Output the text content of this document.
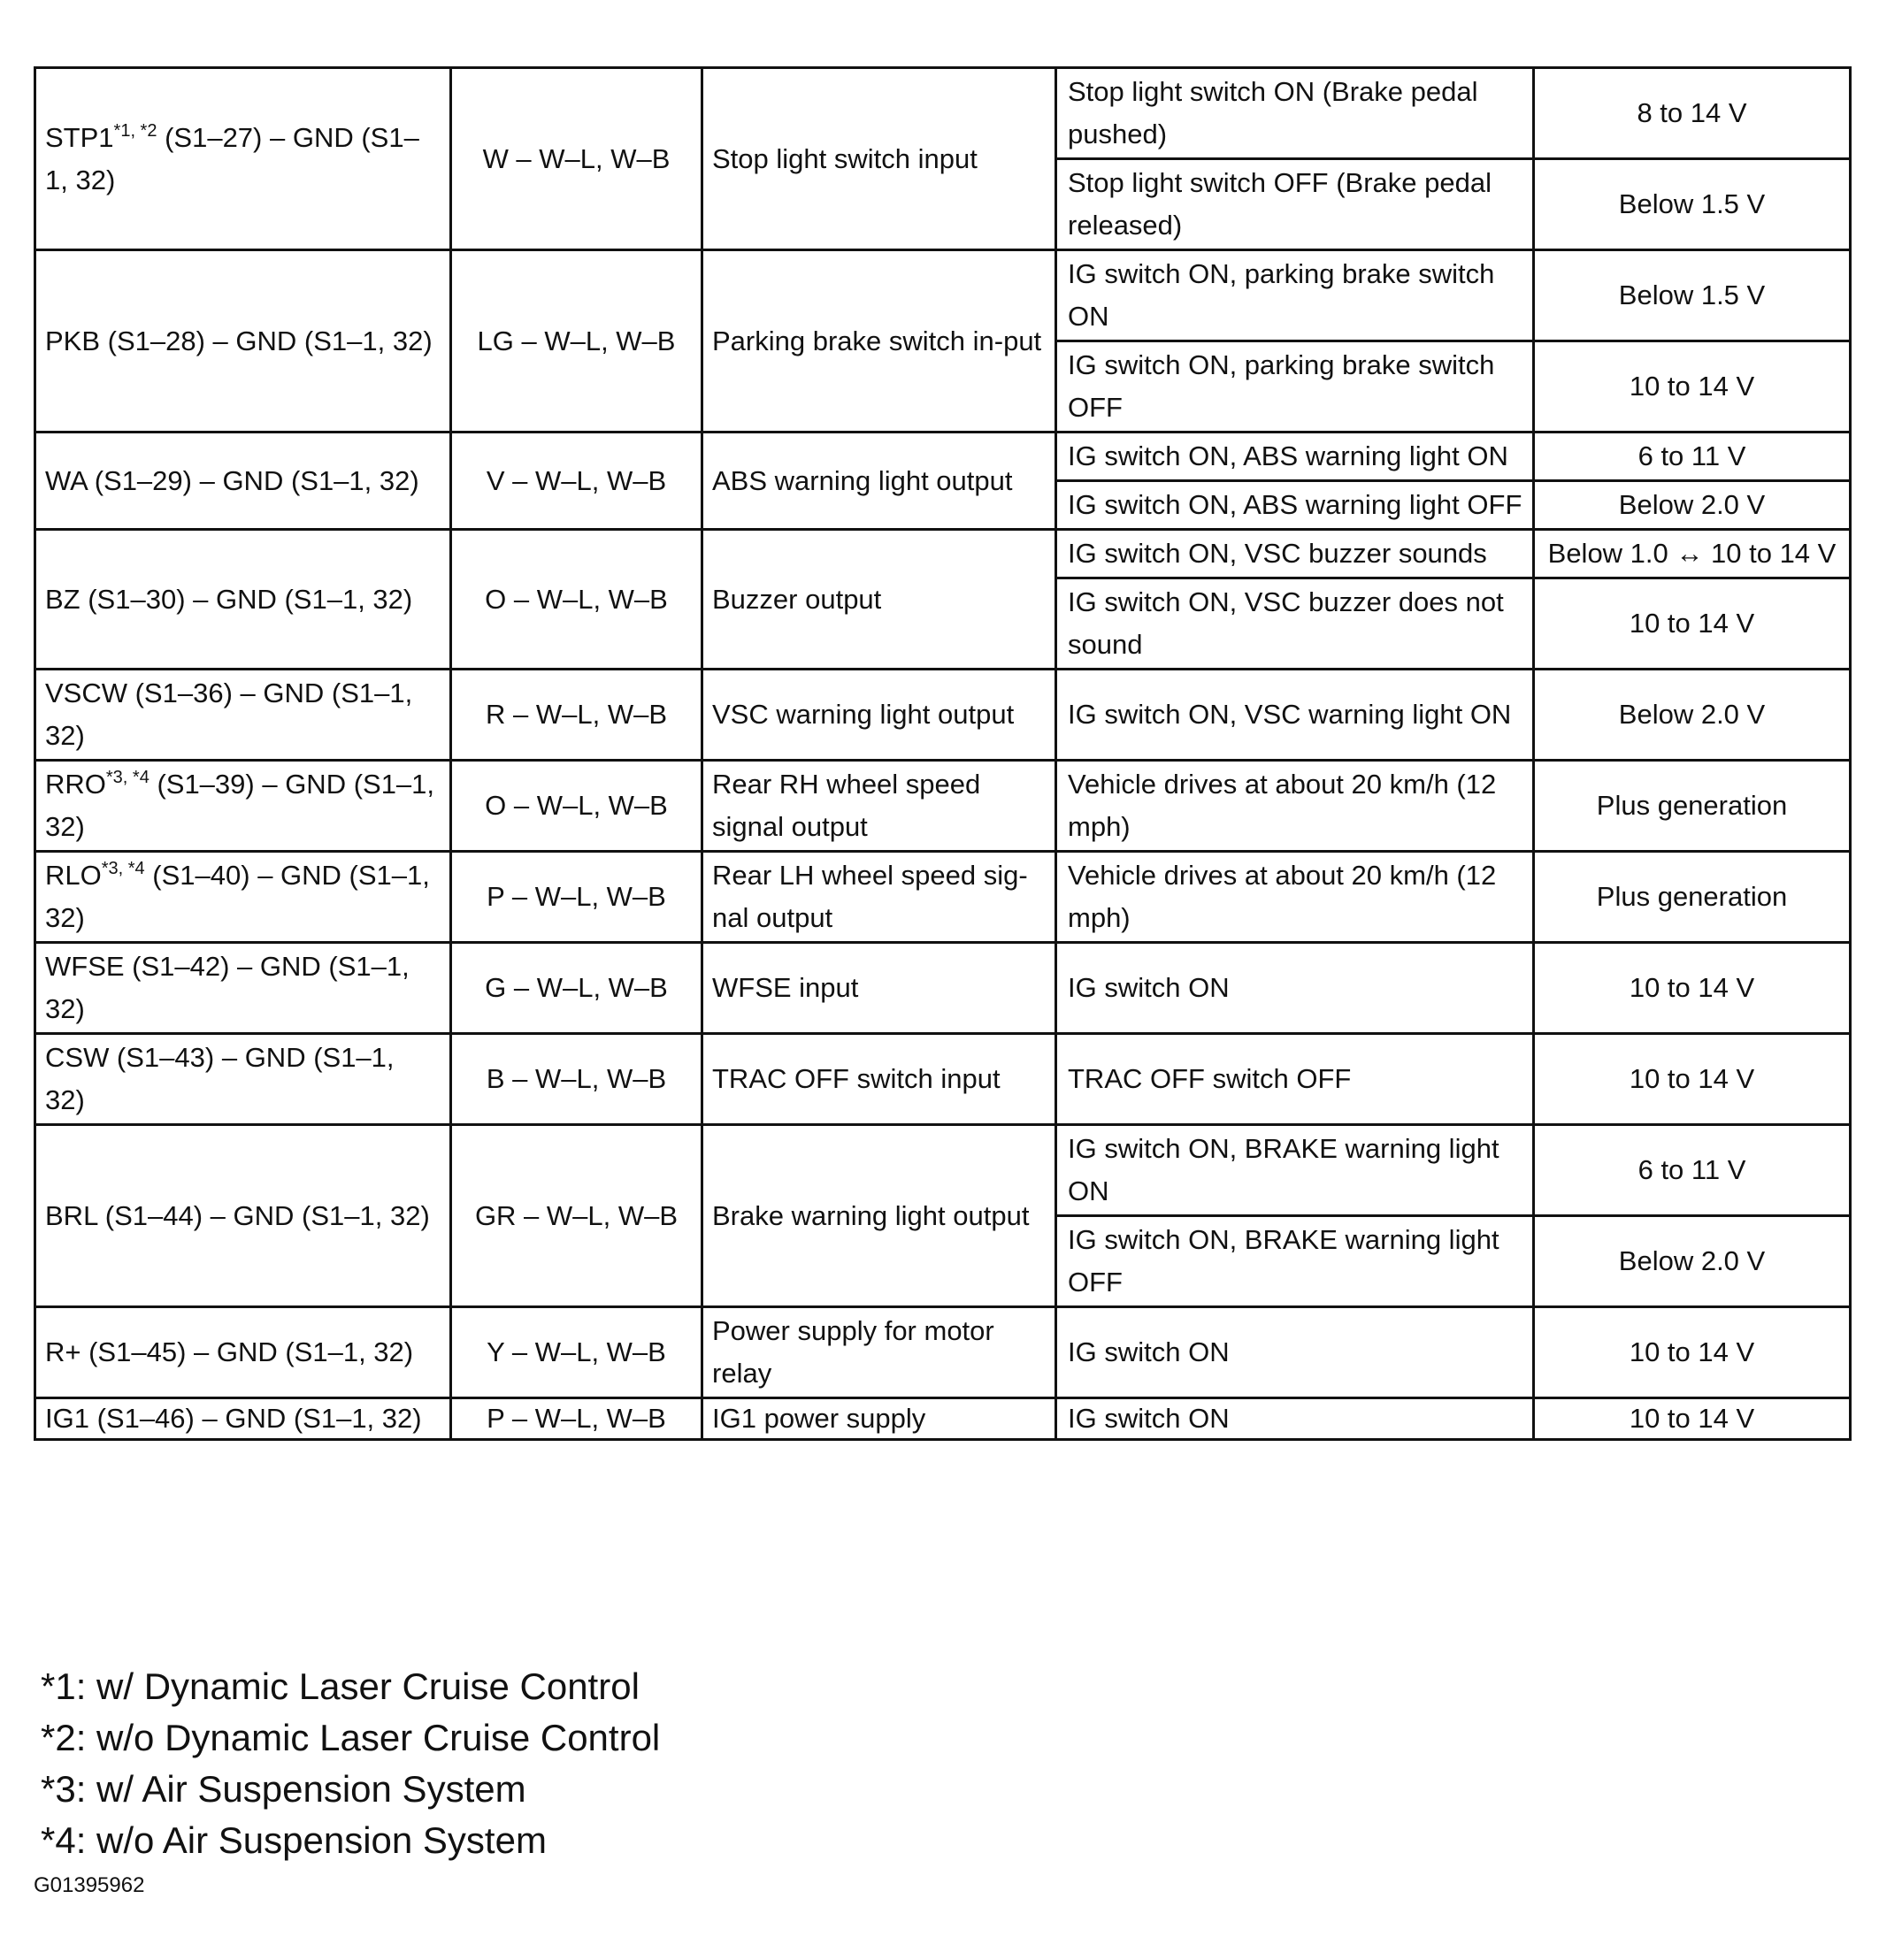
$STP1^{*1, *2}$ (S1–27) – GND (S1–1, 32)	W – W–L, W–B	Stop light switch input	Stop light switch ON (Brake pedal pushed)	8 to 14 V
			Stop light switch OFF (Brake pedal released)	Below 1.5 V
PKB (S1–28) – GND (S1–1, 32)	LG – W–L, W–B	Parking brake switch in-put	IG switch ON, parking brake switch ON	Below 1.5 V
			IG switch ON, parking brake switch OFF	10 to 14 V
WA (S1–29) – GND (S1–1, 32)	V – W–L, W–B	ABS warning light output	IG switch ON, ABS warning light ON	6 to 11 V
			IG switch ON, ABS warning light OFF	Below 2.0 V
BZ (S1–30) – GND (S1–1, 32)	O – W–L, W–B	Buzzer output	IG switch ON, VSC buzzer sounds	Below 1.0 ↔ 10 to 14 V
			IG switch ON, VSC buzzer does not sound	10 to 14 V
VSCW (S1–36) – GND (S1–1, 32)	R – W–L, W–B	VSC warning light output	IG switch ON, VSC warning light ON	Below 2.0 V
$RRO^{*3, *4}$ (S1–39) – GND (S1–1, 32)	O – W–L, W–B	Rear RH wheel speed signal output	Vehicle drives at about 20 km/h (12 mph)	Plus generation
$RLO^{*3, *4}$ (S1–40) – GND (S1–1, 32)	P – W–L, W–B	Rear LH wheel speed sig-nal output	Vehicle drives at about 20 km/h (12 mph)	Plus generation
WFSE (S1–42) – GND (S1–1, 32)	G – W–L, W–B	WFSE input	IG switch ON	10 to 14 V
CSW (S1–43) – GND (S1–1, 32)	B – W–L, W–B	TRAC OFF switch input	TRAC OFF switch OFF	10 to 14 V
BRL (S1–44) – GND (S1–1, 32)	GR – W–L, W–B	Brake warning light output	IG switch ON, BRAKE warning light ON	6 to 11 V
			IG switch ON, BRAKE warning light OFF	Below 2.0 V
R+ (S1–45) – GND (S1–1, 32)	Y – W–L, W–B	Power supply for motor relay	IG switch ON	10 to 14 V
IG1 (S1–46) – GND (S1–1, 32)	P – W–L, W–B	IG1 power supply	IG switch ON	10 to 14 V
*1: w/ Dynamic Laser Cruise Control
*2: w/o Dynamic Laser Cruise Control
*3: w/ Air Suspension System
*4: w/o Air Suspension System
G01395962
